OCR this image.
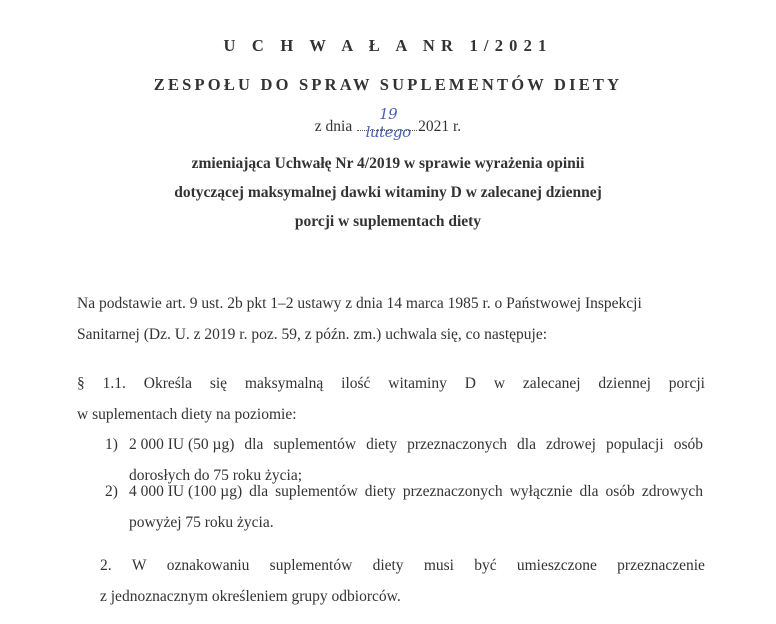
U C H W A Ł A NR 1/2021
ZESPOŁU DO SPRAW SUPLEMENTÓW DIETY
z dnia
19 lutego 2021 r.
zmieniająca Uchwałę Nr 4/2019 w sprawie wyrażenia opinii
dotyczącej maksymalnej dawki witaminy D w zalecanej dziennej
porcji w suplementach diety
Na podstawie art. 9 ust. 2b pkt 1–2 ustawy z dnia 14 marca 1985 r. o Państwowej Inspekcji
Sanitarnej (Dz. U. z 2019 r. poz. 59, z późn. zm.) uchwala się, co następuje:
§ 1.1. Określa się maksymalną ilość witaminy D w zalecanej dziennej porcji
w suplementach diety na poziomie:
1) 2 000 IU (50 µg) dla suplementów diety przeznaczonych dla zdrowej populacji osób
dorosłych do 75 roku życia;
2) 4 000 IU (100 µg) dla suplementów diety przeznaczonych wyłącznie dla osób zdrowych
powyżej 75 roku życia.
2. W oznakowaniu suplementów diety musi być umieszczone przeznaczenie
z jednoznacznym określeniem grupy odbiorców.
